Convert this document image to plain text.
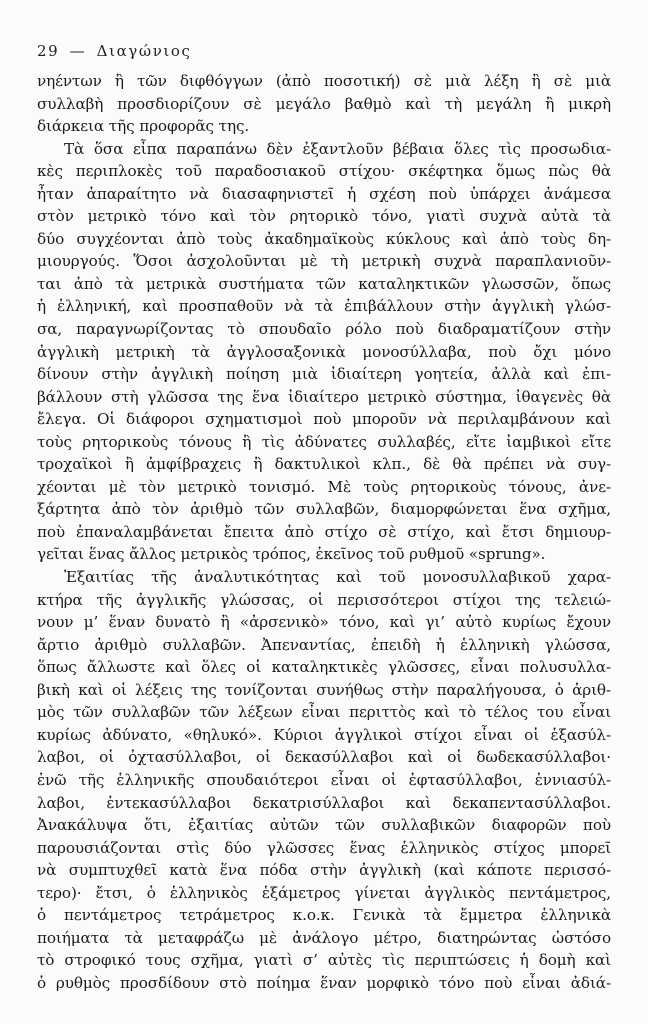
29 — Διαγώνιος
νηέντων ἢ τῶν διφθόγγων (ἀπὸ ποσοτική) σὲ μιὰ λέξη ἢ σὲ μιὰ
συλλαβὴ προσδιορίζουν σὲ μεγάλο βαθμὸ καὶ τὴ μεγάλη ἢ μικρὴ
διάρκεια τῆς προφορᾶς της.
Τὰ ὅσα εἶπα παραπάνω δὲν ἐξαντλοῦν βέβαια ὅλες τὶς προσωδια-
κὲς περιπλοκὲς τοῦ παραδοσιακοῦ στίχου· σκέφτηκα ὅμως πὼς θὰ
ἦταν ἀπαραίτητο νὰ διασαφηνιστεῖ ἡ σχέση ποὺ ὑπάρχει ἀνάμεσα
στὸν μετρικὸ τόνο καὶ τὸν ρητορικὸ τόνο, γιατὶ συχνὰ αὐτὰ τὰ
δύο συγχέονται ἀπὸ τοὺς ἀκαδημαϊκοὺς κύκλους καὶ ἀπὸ τοὺς δη-
μιουργούς. Ὅσοι ἀσχολοῦνται μὲ τὴ μετρικὴ συχνὰ παραπλανιοῦν-
ται ἀπὸ τὰ μετρικὰ συστήματα τῶν καταληκτικῶν γλωσσῶν, ὅπως
ἡ ἑλληνική, καὶ προσπαθοῦν νὰ τὰ ἐπιβάλλουν στὴν ἀγγλικὴ γλώσ-
σα, παραγνωρίζοντας τὸ σπουδαῖο ρόλο ποὺ διαδραματίζουν στὴν
ἀγγλικὴ μετρικὴ τὰ ἀγγλοσαξονικὰ μονοσύλλαβα, ποὺ ὄχι μόνο
δίνουν στὴν ἀγγλικὴ ποίηση μιὰ ἰδιαίτερη γοητεία, ἀλλὰ καὶ ἐπι-
βάλλουν στὴ γλῶσσα της ἕνα ἰδιαίτερο μετρικὸ σύστημα, ἰθαγενὲς θὰ
ἔλεγα. Οἱ διάφοροι σχηματισμοὶ ποὺ μποροῦν νὰ περιλαμβάνουν καὶ
τοὺς ρητορικοὺς τόνους ἢ τὶς ἀδύνατες συλλαβές, εἴτε ἰαμβικοὶ εἴτε
τροχαϊκοὶ ἢ ἀμφίβραχεις ἢ δακτυλικοὶ κλπ., δὲ θὰ πρέπει νὰ συγ-
χέονται μὲ τὸν μετρικὸ τονισμό. Μὲ τοὺς ρητορικοὺς τόνους, ἀνε-
ξάρτητα ἀπὸ τὸν ἀριθμὸ τῶν συλλαβῶν, διαμορφώνεται ἕνα σχῆμα,
ποὺ ἐπαναλαμβάνεται ἔπειτα ἀπὸ στίχο σὲ στίχο, καὶ ἔτσι δημιουρ-
γεῖται ἕνας ἄλλος μετρικὸς τρόπος, ἐκεῖνος τοῦ ρυθμοῦ «sprung».
Ἐξαιτίας τῆς ἀναλυτικότητας καὶ τοῦ μονοσυλλαβικοῦ χαρα-
κτήρα τῆς ἀγγλικῆς γλώσσας, οἱ περισσότεροι στίχοι της τελειώ-
νουν μ’ ἕναν δυνατὸ ἢ «ἀρσενικὸ» τόνο, καὶ γι’ αὐτὸ κυρίως ἔχουν
ἄρτιο ἀριθμὸ συλλαβῶν. Ἀπεναντίας, ἐπειδὴ ἡ ἑλληνικὴ γλώσσα,
ὅπως ἄλλωστε καὶ ὅλες οἱ καταληκτικὲς γλῶσσες, εἶναι πολυσυλλα-
βικὴ καὶ οἱ λέξεις της τονίζονται συνήθως στὴν παραλήγουσα, ὁ ἀριθ-
μὸς τῶν συλλαβῶν τῶν λέξεων εἶναι περιττὸς καὶ τὸ τέλος του εἶναι
κυρίως ἀδύνατο, «θηλυκό». Κύριοι ἀγγλικοὶ στίχοι εἶναι οἱ ἑξασύλ-
λαβοι, οἱ ὀχτασύλλαβοι, οἱ δεκασύλλαβοι καὶ οἱ δωδεκασύλλαβοι·
ἐνῶ τῆς ἑλληνικῆς σπουδαιότεροι εἶναι οἱ ἑφτασύλλαβοι, ἐννιασύλ-
λαβοι, ἑντεκασύλλαβοι δεκατρισύλλαβοι καὶ δεκαπεντασύλλαβοι.
Ἀνακάλυψα ὅτι, ἐξαιτίας αὐτῶν τῶν συλλαβικῶν διαφορῶν ποὺ
παρουσιάζονται στὶς δύο γλῶσσες ἕνας ἑλληνικὸς στίχος μπορεῖ
νὰ συμπτυχθεῖ κατὰ ἕνα πόδα στὴν ἀγγλικὴ (καὶ κάποτε περισσό-
τερο)· ἔτσι, ὁ ἑλληνικὸς ἑξάμετρος γίνεται ἀγγλικὸς πεντάμετρος,
ὁ πεντάμετρος τετράμετρος κ.ο.κ. Γενικὰ τὰ ἔμμετρα ἑλληνικὰ
ποιήματα τὰ μεταφράζω μὲ ἀνάλογο μέτρο, διατηρώντας ὡστόσο
τὸ στροφικό τους σχῆμα, γιατὶ σ’ αὐτὲς τὶς περιπτώσεις ἡ δομὴ καὶ
ὁ ρυθμὸς προσδίδουν στὸ ποίημα ἕναν μορφικὸ τόνο ποὺ εἶναι ἀδιά-
